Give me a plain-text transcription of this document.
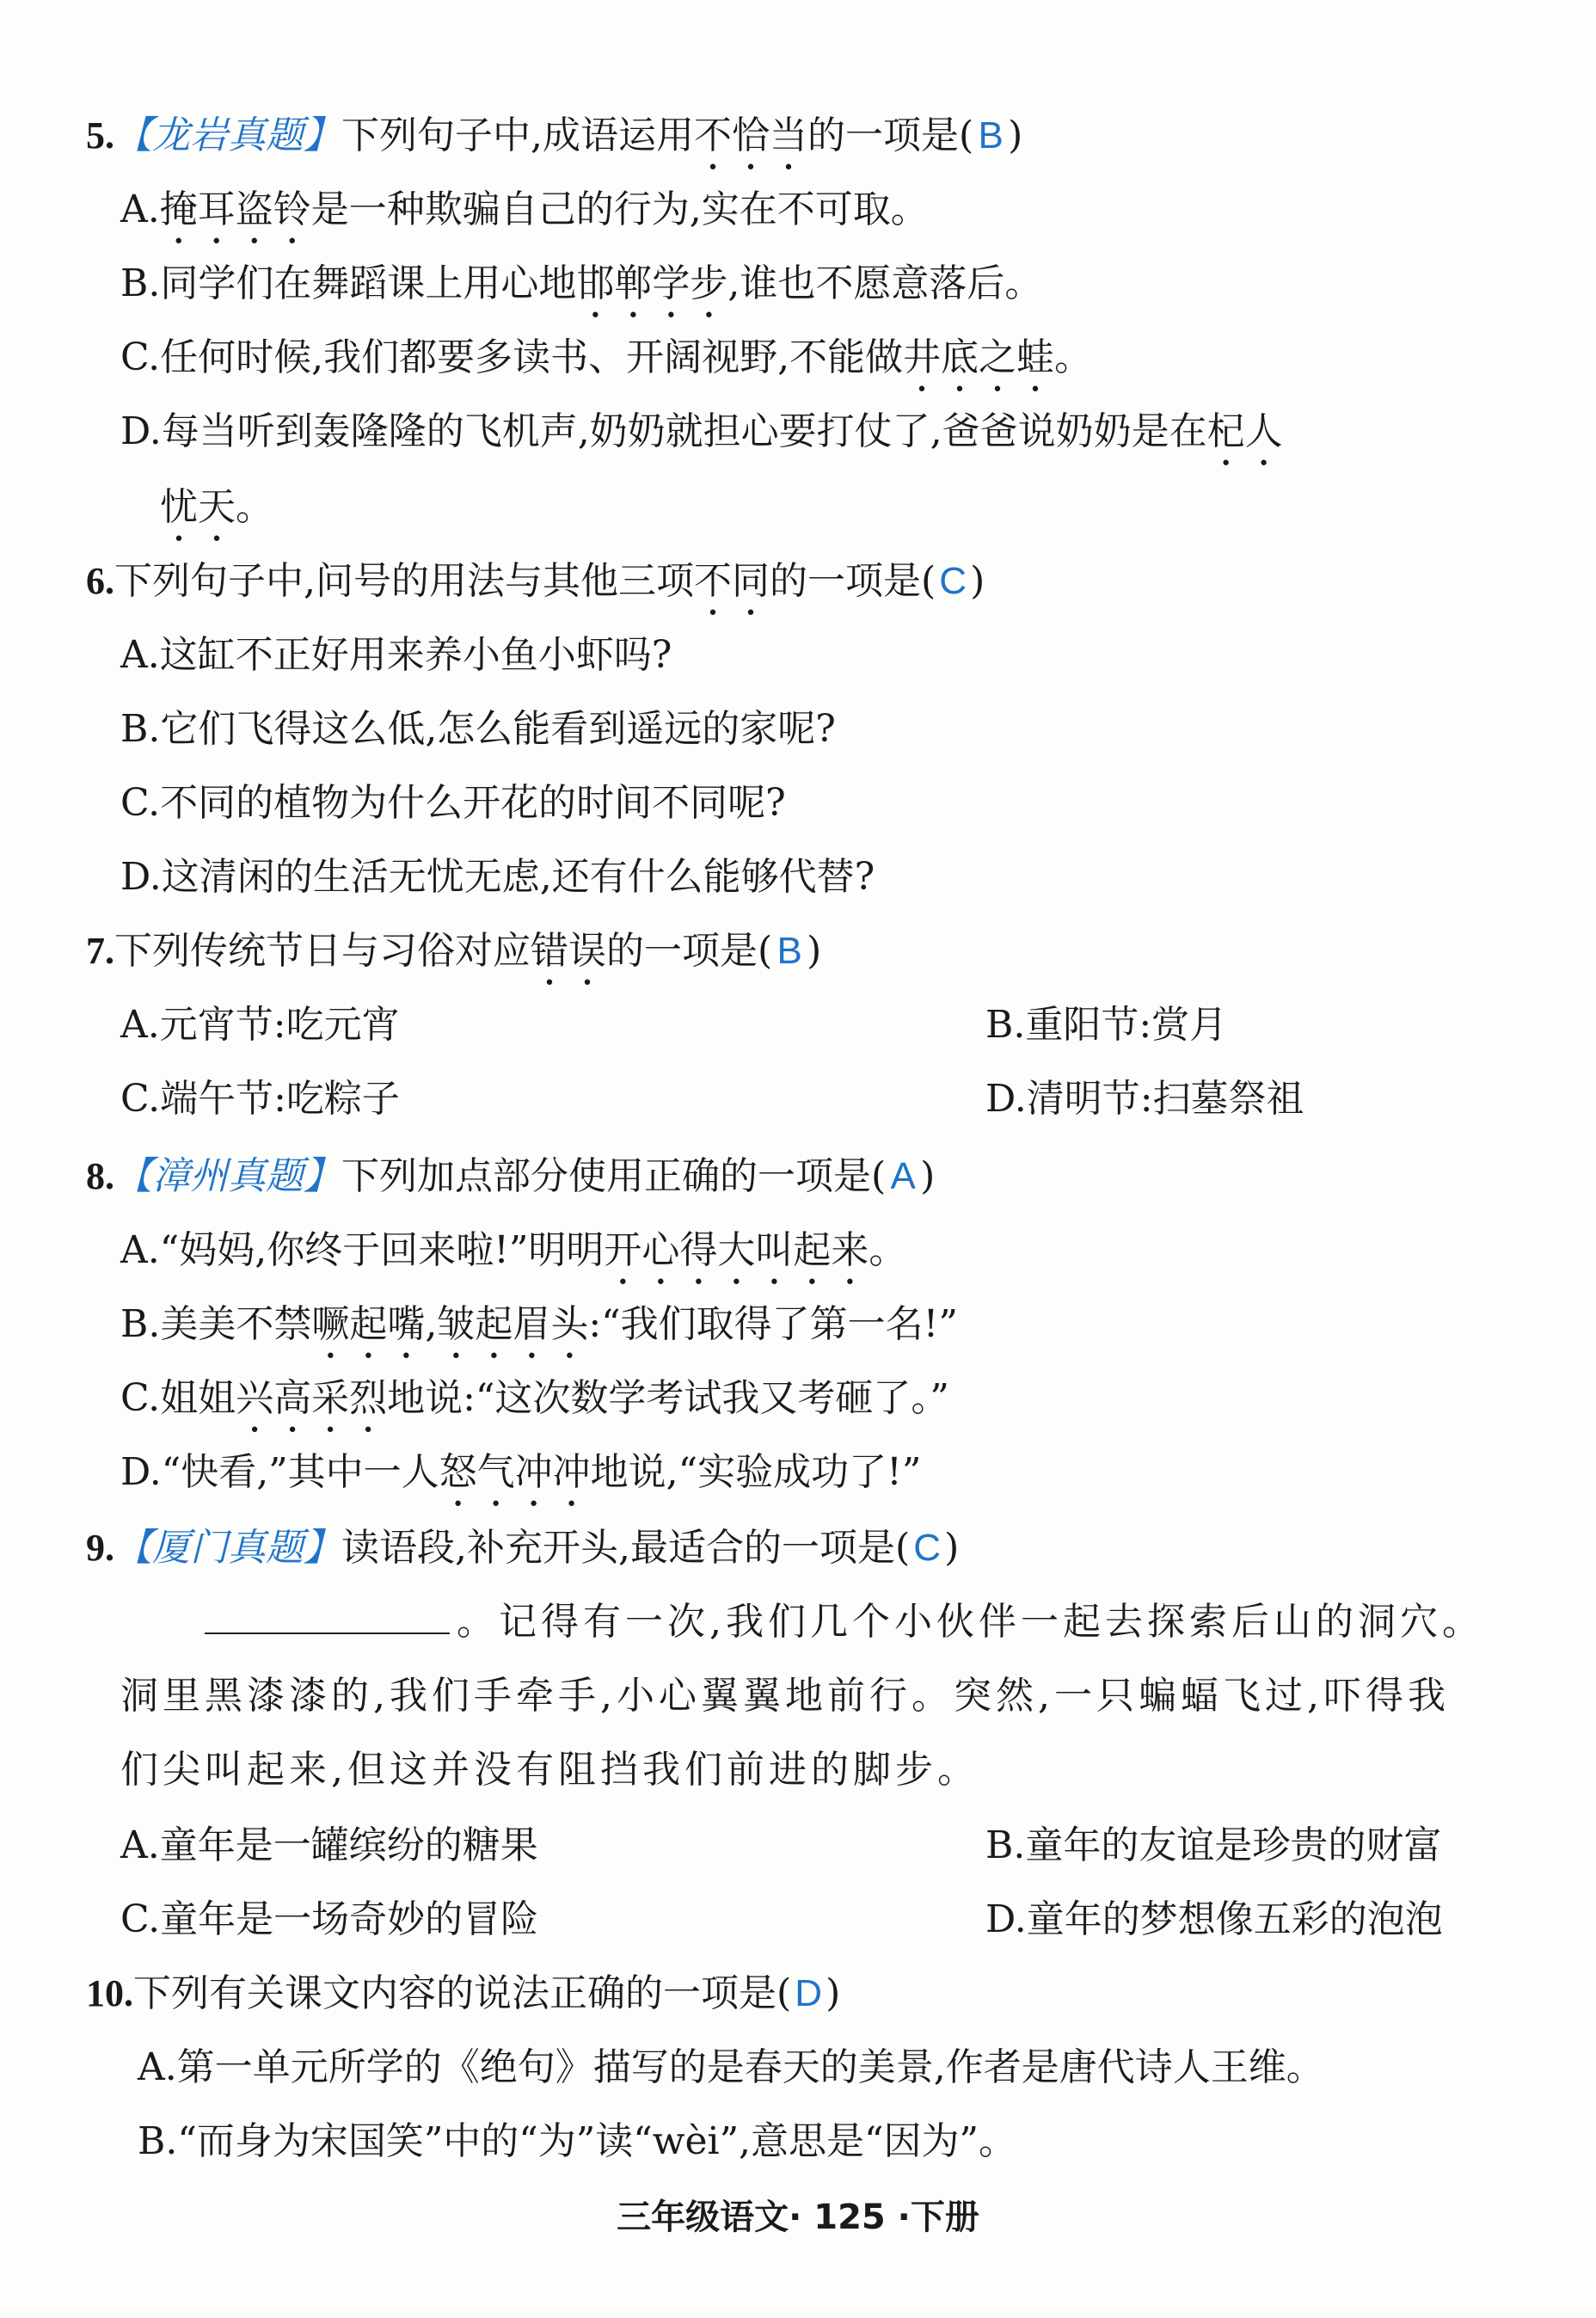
5.【龙岩真题】下列句子中,成语运用不恰当的一项是( B )
A.掩耳盗铃是一种欺骗自己的行为,实在不可取。
B.同学们在舞蹈课上用心地邯郸学步,谁也不愿意落后。
C.任何时候,我们都要多读书、开阔视野,不能做井底之蛙。
D.每当听到轰隆隆的飞机声,奶奶就担心要打仗了,爸爸说奶奶是在杞人
忧天。
6.下列句子中,问号的用法与其他三项不同的一项是(C)
A.这缸不正好用来养小鱼小虾吗?
B.它们飞得这么低,怎么能看到遥远的家呢?
C.不同的植物为什么开花的时间不同呢?
D.这清闲的生活无忧无虑,还有什么能够代替?
7.下列传统节日与习俗对应错误的一项是( B )
A.元宵节:吃元宵	B.重阳节:赏月
C.端午节:吃粽子	D.清明节:扫墓祭祖
8.【漳州真题】下列加点部分使用正确的一项是( A )
A.“妈妈,你终于回来啦!”明明开心得大叫起来。
B.美美不禁噘起嘴,皱起眉头:“我们取得了第一名!”
C.姐姐兴高采烈地说:“这次数学考试我又考砸了。”
D.“快看,”其中一人怒气冲冲地说,“实验成功了!”
9.【厦门真题】读语段,补充开头,最适合的一项是(C)
。记得有一次,我们几个小伙伴一起去探索后山的洞穴。
洞里黑漆漆的,我们手牵手,小心翼翼地前行。突然,一只蝙蝠飞过,吓得我
们尖叫起来,但这并没有阻挡我们前进的脚步。
A.童年是一罐缤纷的糖果	B.童年的友谊是珍贵的财富
C.童年是一场奇妙的冒险	D.童年的梦想像五彩的泡泡
10.下列有关课文内容的说法正确的一项是(D)
A.第一单元所学的《绝句》描写的是春天的美景,作者是唐代诗人王维。
B.“而身为宋国笑”中的“为”读“wèi”,意思是“因为”。
三年级语文· 125 ·下册
